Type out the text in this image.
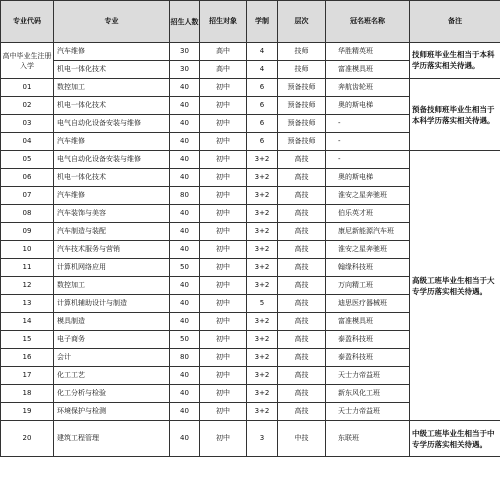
专业代码	专业	招生人数	招生对象	学制	层次	冠名班名称	备注
高中毕业生注册入学	汽车维修	30	高中	4	技师	华胜精英班	技师班毕业生相当于本科学历落实相关待遇。
	机电一体化技术	30	高中	4	技师	富准模具班	
01	数控加工	40	初中	6	预备技师	奔航齿轮班	预备技师班毕业生相当于本科学历落实相关待遇。
02	机电一体化技术	40	初中	6	预备技师	奥的斯电梯	
03	电气自动化设备安装与维修	40	初中	6	预备技师	-	
04	汽车维修	40	初中	6	预备技师	-	
05	电气自动化设备安装与维修	40	初中	3+2	高技	-	高级工班毕业生相当于大专学历落实相关待遇。
06	机电一体化技术	40	初中	3+2	高技	奥的斯电梯	
07	汽车维修	80	初中	3+2	高技	淮安之星奔驰班	
08	汽车装饰与美容	40	初中	3+2	高技	伯乐英才班	
09	汽车制造与装配	40	初中	3+2	高技	康尼新能源汽车班	
10	汽车技术服务与营销	40	初中	3+2	高技	淮安之星奔驰班	
11	计算机网络应用	50	初中	3+2	高技	翰缘科技班	
12	数控加工	40	初中	3+2	高技	万向精工班	
13	计算机辅助设计与制造	40	初中	5	高技	迪思医疗器械班	
14	模具制造	40	初中	3+2	高技	富准模具班	
15	电子商务	50	初中	3+2	高技	泰盈科技班	
16	会计	80	初中	3+2	高技	泰盈科技班	
17	化工工艺	40	初中	3+2	高技	天士力帝益班	
18	化工分析与检验	40	初中	3+2	高技	新东风化工班	
19	环境保护与检测	40	初中	3+2	高技	天士力帝益班	
20	建筑工程管理	40	初中	3	中技	东联班	中级工班毕业生相当于中专学历落实相关待遇。
